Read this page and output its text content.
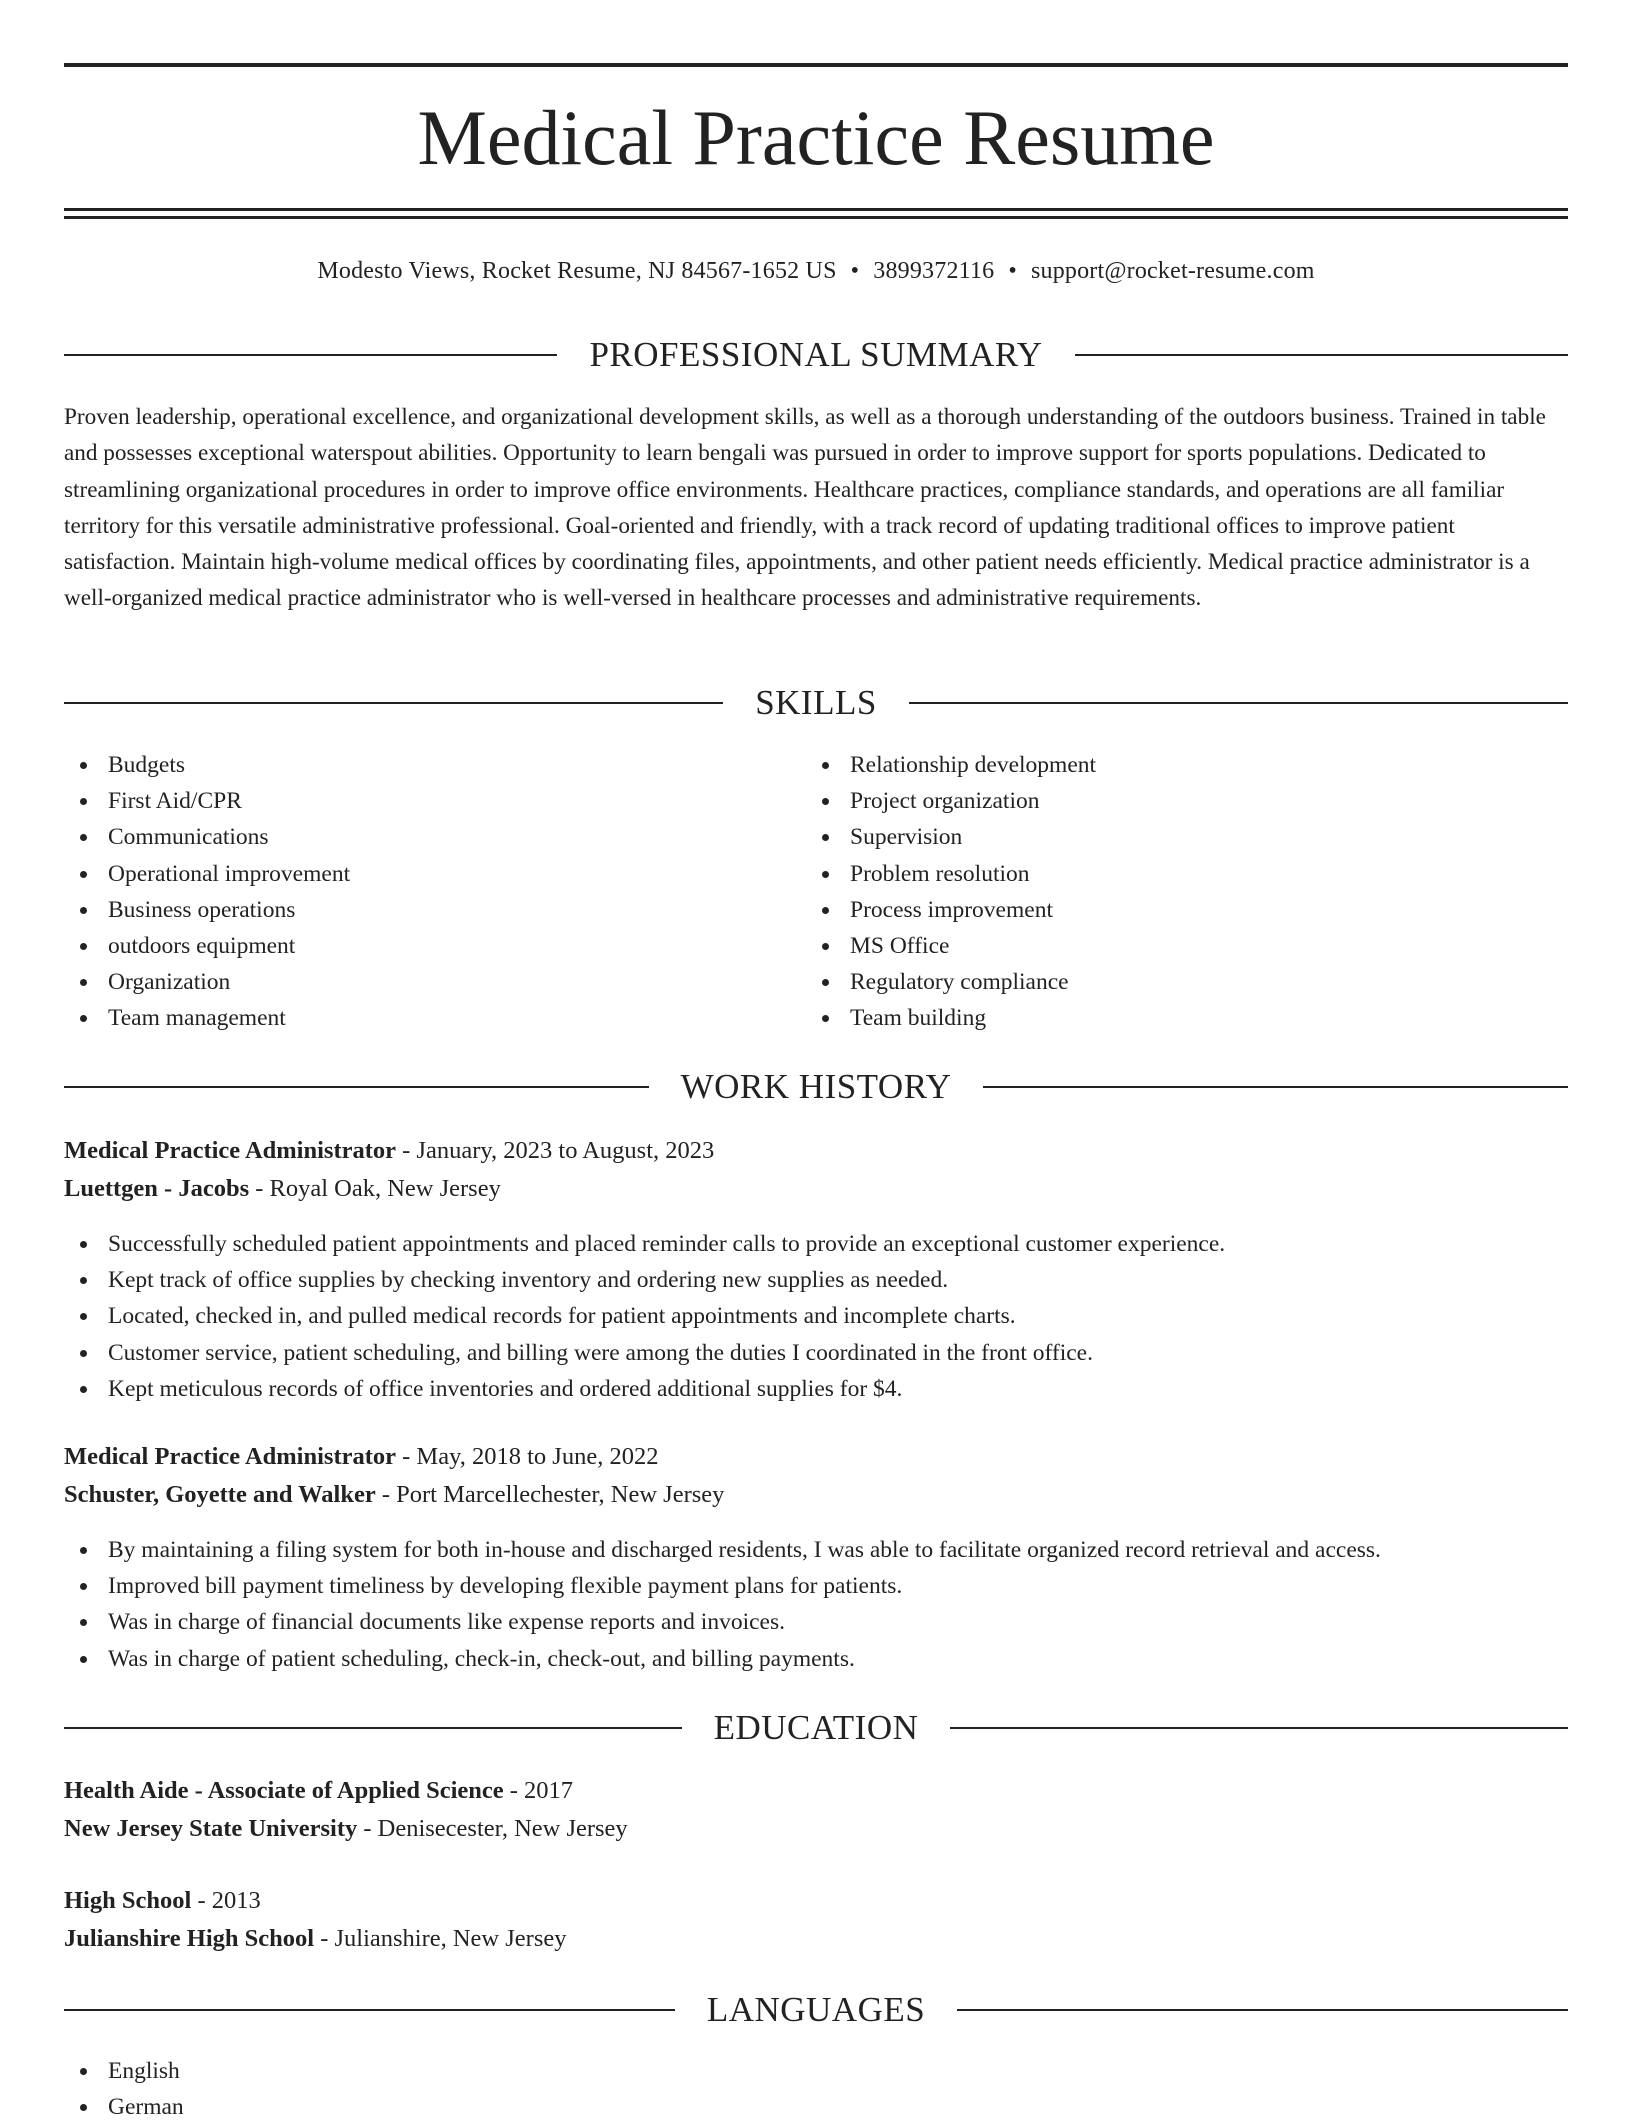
Medical Practice Resume
Modesto Views, Rocket Resume, NJ 84567-1652 US • 3899372116 • support@rocket-resume.com
PROFESSIONAL SUMMARY

Proven leadership, operational excellence, and organizational development skills, as well as a thorough understanding of the outdoors business. Trained in table and possesses exceptional waterspout abilities. Opportunity to learn bengali was pursued in order to improve support for sports populations. Dedicated to streamlining organizational procedures in order to improve office environments. Healthcare practices, compliance standards, and operations are all familiar territory for this versatile administrative professional. Goal-oriented and friendly, with a track record of updating traditional offices to improve patient satisfaction. Maintain high-volume medical offices by coordinating files, appointments, and other patient needs efficiently. Medical practice administrator is a well-organized medical practice administrator who is well-versed in healthcare processes and administrative requirements.

SKILLS
Budgets
First Aid/CPR
Communications
Operational improvement
Business operations
outdoors equipment
Organization
Team management
Relationship development
Project organization
Supervision
Problem resolution
Process improvement
MS Office
Regulatory compliance
Team building
WORK HISTORY
Medical Practice Administrator - January, 2023 to August, 2023
Luettgen - Jacobs - Royal Oak, New Jersey
Successfully scheduled patient appointments and placed reminder calls to provide an exceptional customer experience.
Kept track of office supplies by checking inventory and ordering new supplies as needed.
Located, checked in, and pulled medical records for patient appointments and incomplete charts.
Customer service, patient scheduling, and billing were among the duties I coordinated in the front office.
Kept meticulous records of office inventories and ordered additional supplies for $4.
Medical Practice Administrator - May, 2018 to June, 2022
Schuster, Goyette and Walker - Port Marcellechester, New Jersey
By maintaining a filing system for both in-house and discharged residents, I was able to facilitate organized record retrieval and access.
Improved bill payment timeliness by developing flexible payment plans for patients.
Was in charge of financial documents like expense reports and invoices.
Was in charge of patient scheduling, check-in, check-out, and billing payments.
EDUCATION
Health Aide - Associate of Applied Science - 2017
New Jersey State University - Denisecester, New Jersey
High School - 2013
Julianshire High School - Julianshire, New Jersey
LANGUAGES
English
German
